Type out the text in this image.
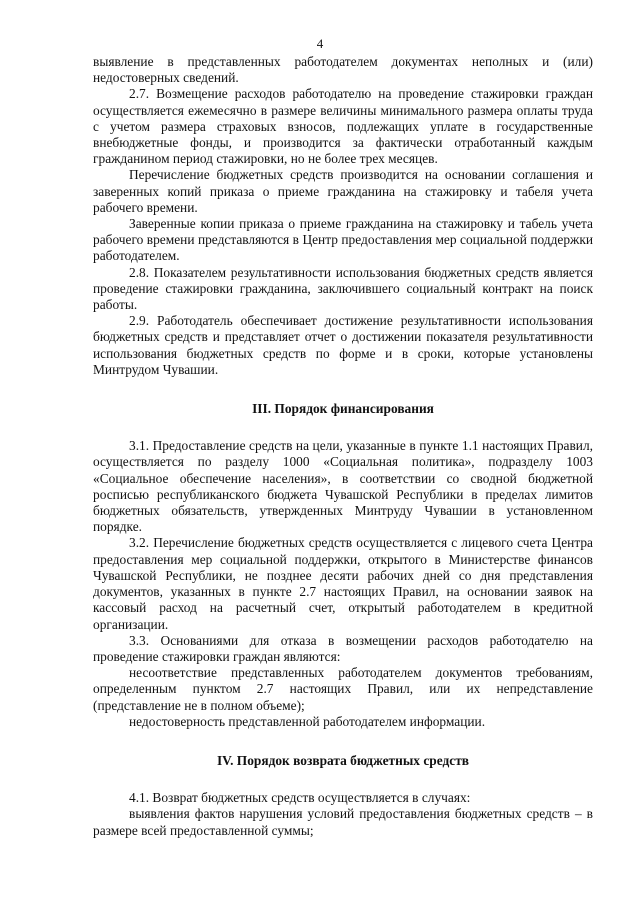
4

выявление в представленных работодателем документах неполных и (или) недостоверных сведений.

2.7. Возмещение расходов работодателю на проведение стажировки граждан осуществляется ежемесячно в размере величины минимального размера оплаты труда с учетом размера страховых взносов, подлежащих уплате в государственные внебюджетные фонды, и производится за фактически отработанный каждым гражданином период стажировки, но не более трех месяцев.

Перечисление бюджетных средств производится на основании соглашения и заверенных копий приказа о приеме гражданина на стажировку и табеля учета рабочего времени.

Заверенные копии приказа о приеме гражданина на стажировку и табель учета рабочего времени представляются в Центр предоставления мер социальной поддержки работодателем.

2.8. Показателем результативности использования бюджетных средств является проведение стажировки гражданина, заключившего социальный контракт на поиск работы.

2.9. Работодатель обеспечивает достижение результативности использования бюджетных средств и представляет отчет о достижении показателя результативности использования бюджетных средств по форме и в сроки, которые установлены Минтрудом Чувашии.

III. Порядок финансирования

3.1. Предоставление средств на цели, указанные в пункте 1.1 настоящих Правил, осуществляется по разделу 1000 «Социальная политика», подразделу 1003 «Социальное обеспечение населения», в соответствии со сводной бюджетной росписью республиканского бюджета Чувашской Республики в пределах лимитов бюджетных обязательств, утвержденных Минтруду Чувашии в установленном порядке.

3.2. Перечисление бюджетных средств осуществляется с лицевого счета Центра предоставления мер социальной поддержки, открытого в Министерстве финансов Чувашской Республики, не позднее десяти рабочих дней со дня представления документов, указанных в пункте 2.7 настоящих Правил, на основании заявок на кассовый расход на расчетный счет, открытый работодателем в кредитной организации.

3.3. Основаниями для отказа в возмещении расходов работодателю на проведение стажировки граждан являются:

несоответствие представленных работодателем документов требованиям, определенным пунктом 2.7 настоящих Правил, или их непредставление (представление не в полном объеме);

недостоверность представленной работодателем информации.

IV. Порядок возврата бюджетных средств

4.1. Возврат бюджетных средств осуществляется в случаях:

выявления фактов нарушения условий предоставления бюджетных средств – в размере всей предоставленной суммы;
